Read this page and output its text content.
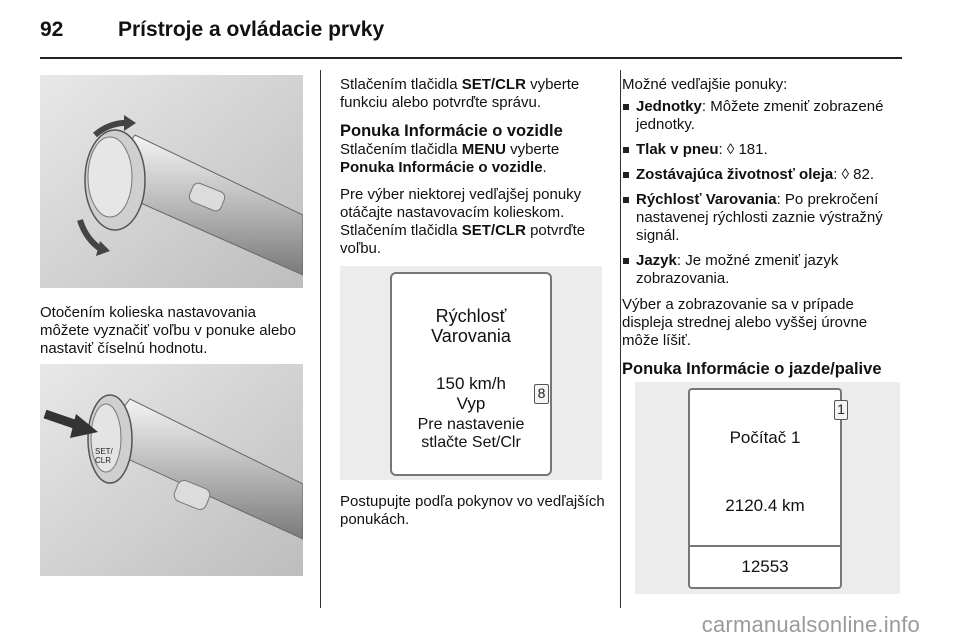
92	Prístroje a ovládacie prvky

Otočením kolieska nastavovania môžete vyznačiť voľbu v ponuke alebo nastaviť číselnú hodnotu.

SET/
CLR

Stlačením tlačidla SET/CLR vyberte funkciu alebo potvrďte správu.

Ponuka Informácie o vozidle

Stlačením tlačidla MENU vyberte Ponuka Informácie o vozidle.

Pre výber niektorej vedľajšej ponuky otáčajte nastavovacím kolieskom. Stlačením tlačidla SET/CLR potvrďte voľbu.

Rýchlosť
Varovania
150 km/h
Vyp
Pre nastavenie
stlačte Set/Clr
8

Postupujte podľa pokynov vo vedľajších ponukách.

Možné vedľajšie ponuky:

Jednotky: Môžete zmeniť zobrazené jednotky.
Tlak v pneu: ◊ 181.
Zostávajúca životnosť oleja: ◊ 82.
Rýchlosť Varovania: Po prekročení nastavenej rýchlosti zaznie výstražný signál.
Jazyk: Je možné zmeniť jazyk zobrazovania.

Výber a zobrazovanie sa v prípade displeja strednej alebo vyššej úrovne môže líšiť.

Ponuka Informácie o jazde/palive
Počítač 1
2120.4 km
12553
1
carmanualsonline.info
